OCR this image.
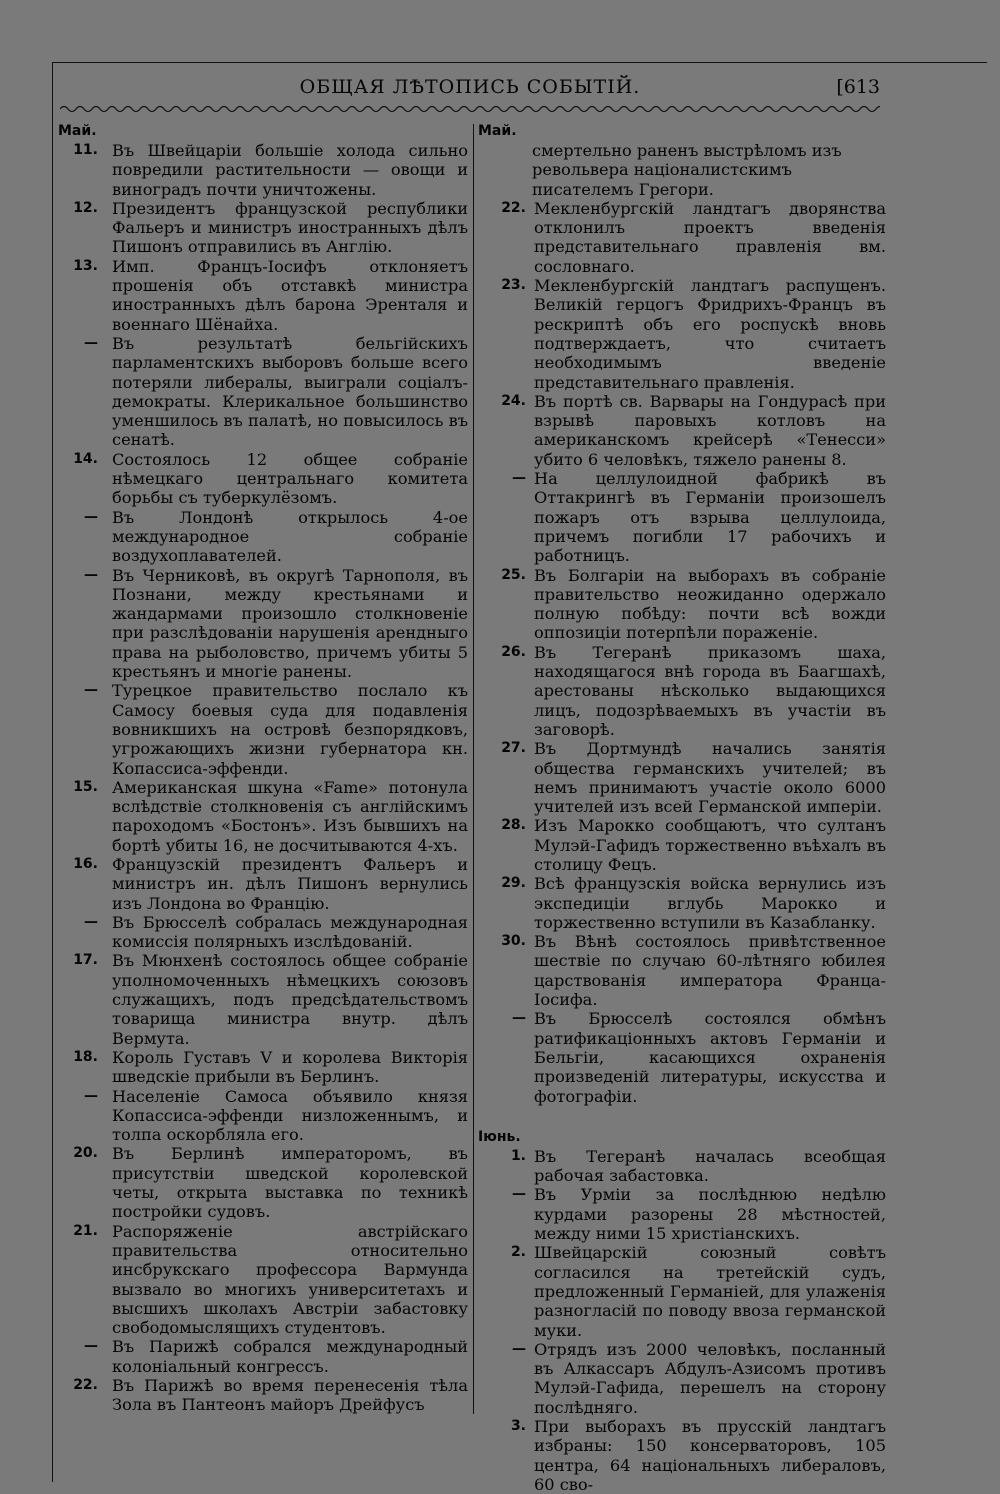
ОБЩАЯ ЛѢТОПИСЬ СОБЫТІЙ.	[613
Май.
11. Въ Швейцаріи большіе холода сильно повредили растительности — овощи и виноградъ почти уничтожены.
12. Президентъ французской республики Фальеръ и министръ иностранныхъ дѣлъ Пишонъ отправились въ Англію.
13. Имп. Францъ-Іосифъ отклоняетъ прошенія объ отставкѣ министра иностранныхъ дѣлъ барона Эренталя и военнаго Шёнайха.
— Въ результатѣ бельгійскихъ парламентскихъ выборовъ больше всего потеряли либералы, выиграли соціалъ-демократы. Клерикальное большинство уменшилось въ палатѣ, но повысилось въ сенатѣ.
14. Состоялось 12 общее собраніе нѣмецкаго центральнаго комитета борьбы съ туберкулёзомъ.
— Въ Лондонѣ открылось 4-ое международное собраніе воздухоплавателей.
— Въ Черниковѣ, въ округѣ Тарнополя, въ Познани, между крестьянами и жандармами произошло столкновеніе при разслѣдованіи нарушенія арендныго права на рыболовство, причемъ убиты 5 крестьянъ и многіе ранены.
— Турецкое правительство послало къ Самосу боевыя суда для подавленія вовникшихъ на островѣ безпорядковъ, угрожающихъ жизни губернатора кн. Копассиса-эффенди.
15. Американская шкуна «Fame» потонула вслѣдствіе столкновенія съ англійскимъ пароходомъ «Бостонъ». Изъ бывшихъ на бортѣ убиты 16, не досчитываются 4-хъ.
16. Французскій президентъ Фальеръ и министръ ин. дѣлъ Пишонъ вернулись изъ Лондона во Францію.
— Въ Брюсселѣ собралась международная комиссія полярныхъ изслѣдованій.
17. Въ Мюнхенѣ состоялось общее собраніе уполномоченныхъ нѣмецкихъ союзовъ служащихъ, подъ предсѣдательствомъ товарища министра внутр. дѣлъ Вермута.
18. Король Густавъ V и королева Викторія шведскіе прибыли въ Берлинъ.
— Населеніе Самоса объявило князя Копассиса-эффенди низложеннымъ, и толпа оскорбляла его.
20. Въ Берлинѣ императоромъ, въ присутствіи шведской королевской четы, открыта выставка по техникѣ постройки судовъ.
21. Распоряженіе австрійскаго правительства относительно инсбрукскаго профессора Вармунда вызвало во многихъ университетахъ и высшихъ школахъ Австріи забастовку свободомыслящихъ студентовъ.
— Въ Парижѣ собрался международный колоніальный конгрессъ.
22. Въ Парижѣ во время перенесенія тѣла Зола въ Пантеонъ майоръ Дрейфусъ
Май.
смертельно раненъ выстрѣломъ изъ револьвера націоналистскимъ писателемъ Грегори.
22. Мекленбургскій ландтагъ дворянства отклонилъ проектъ введенія представительнаго правленія вм. сословнаго.
23. Мекленбургскій ландтагъ распущенъ. Великій герцогъ Фридрихъ-Францъ въ рескриптѣ объ его роспускѣ вновь подтверждаетъ, что считаетъ необходимымъ введеніе представительнаго правленія.
24. Въ портѣ св. Варвары на Гондурасѣ при взрывѣ паровыхъ котловъ на американскомъ крейсерѣ «Тенесси» убито 6 человѣкъ, тяжело ранены 8.
— На целлулоидной фабрикѣ въ Оттакрингѣ въ Германіи произошелъ пожаръ отъ взрыва целлулоида, причемъ погибли 17 рабочихъ и работницъ.
25. Въ Болгаріи на выборахъ въ собраніе правительство неожиданно одержало полную побѣду: почти всѣ вожди оппозиціи потерпѣли пораженіе.
26. Въ Тегеранѣ приказомъ шаха, находящагося внѣ города въ Баагшахѣ, арестованы нѣсколько выдающихся лицъ, подозрѣваемыхъ въ участіи въ заговорѣ.
27. Въ Дортмундѣ начались занятія общества германскихъ учителей; въ немъ принимаютъ участіе около 6000 учителей изъ всей Германской имперіи.
28. Изъ Марокко сообщаютъ, что султанъ Мулэй-Гафидъ торжественно въѣхалъ въ столицу Фецъ.
29. Всѣ французскія войска вернулись изъ экспедиціи вглубь Марокко и торжественно вступили въ Казабланку.
30. Въ Вѣнѣ состоялось привѣтственное шествіе по случаю 60-лѣтняго юбилея царствованія императора Франца-Іосифа.
— Въ Брюсселѣ состоялся обмѣнъ ратификаціонныхъ актовъ Германіи и Бельгіи, касающихся охраненія произведеній литературы, искусства и фотографіи.
Іюнь.
1. Въ Тегеранѣ началась всеобщая рабочая забастовка.
— Въ Урміи за послѣднюю недѣлю курдами разорены 28 мѣстностей, между ними 15 христіанскихъ.
2. Швейцарскій союзный совѣтъ согласился на третейскій судъ, предложенный Германіей, для улаженія разногласій по поводу ввоза германской муки.
— Отрядъ изъ 2000 человѣкъ, посланный въ Алкассаръ Абдулъ-Азисомъ противъ Мулэй-Гафида, перешелъ на сторону послѣдняго.
3. При выборахъ въ прусскій ландтагъ избраны: 150 консерваторовъ, 105 центра, 64 національныхъ либераловъ, 60 сво-
